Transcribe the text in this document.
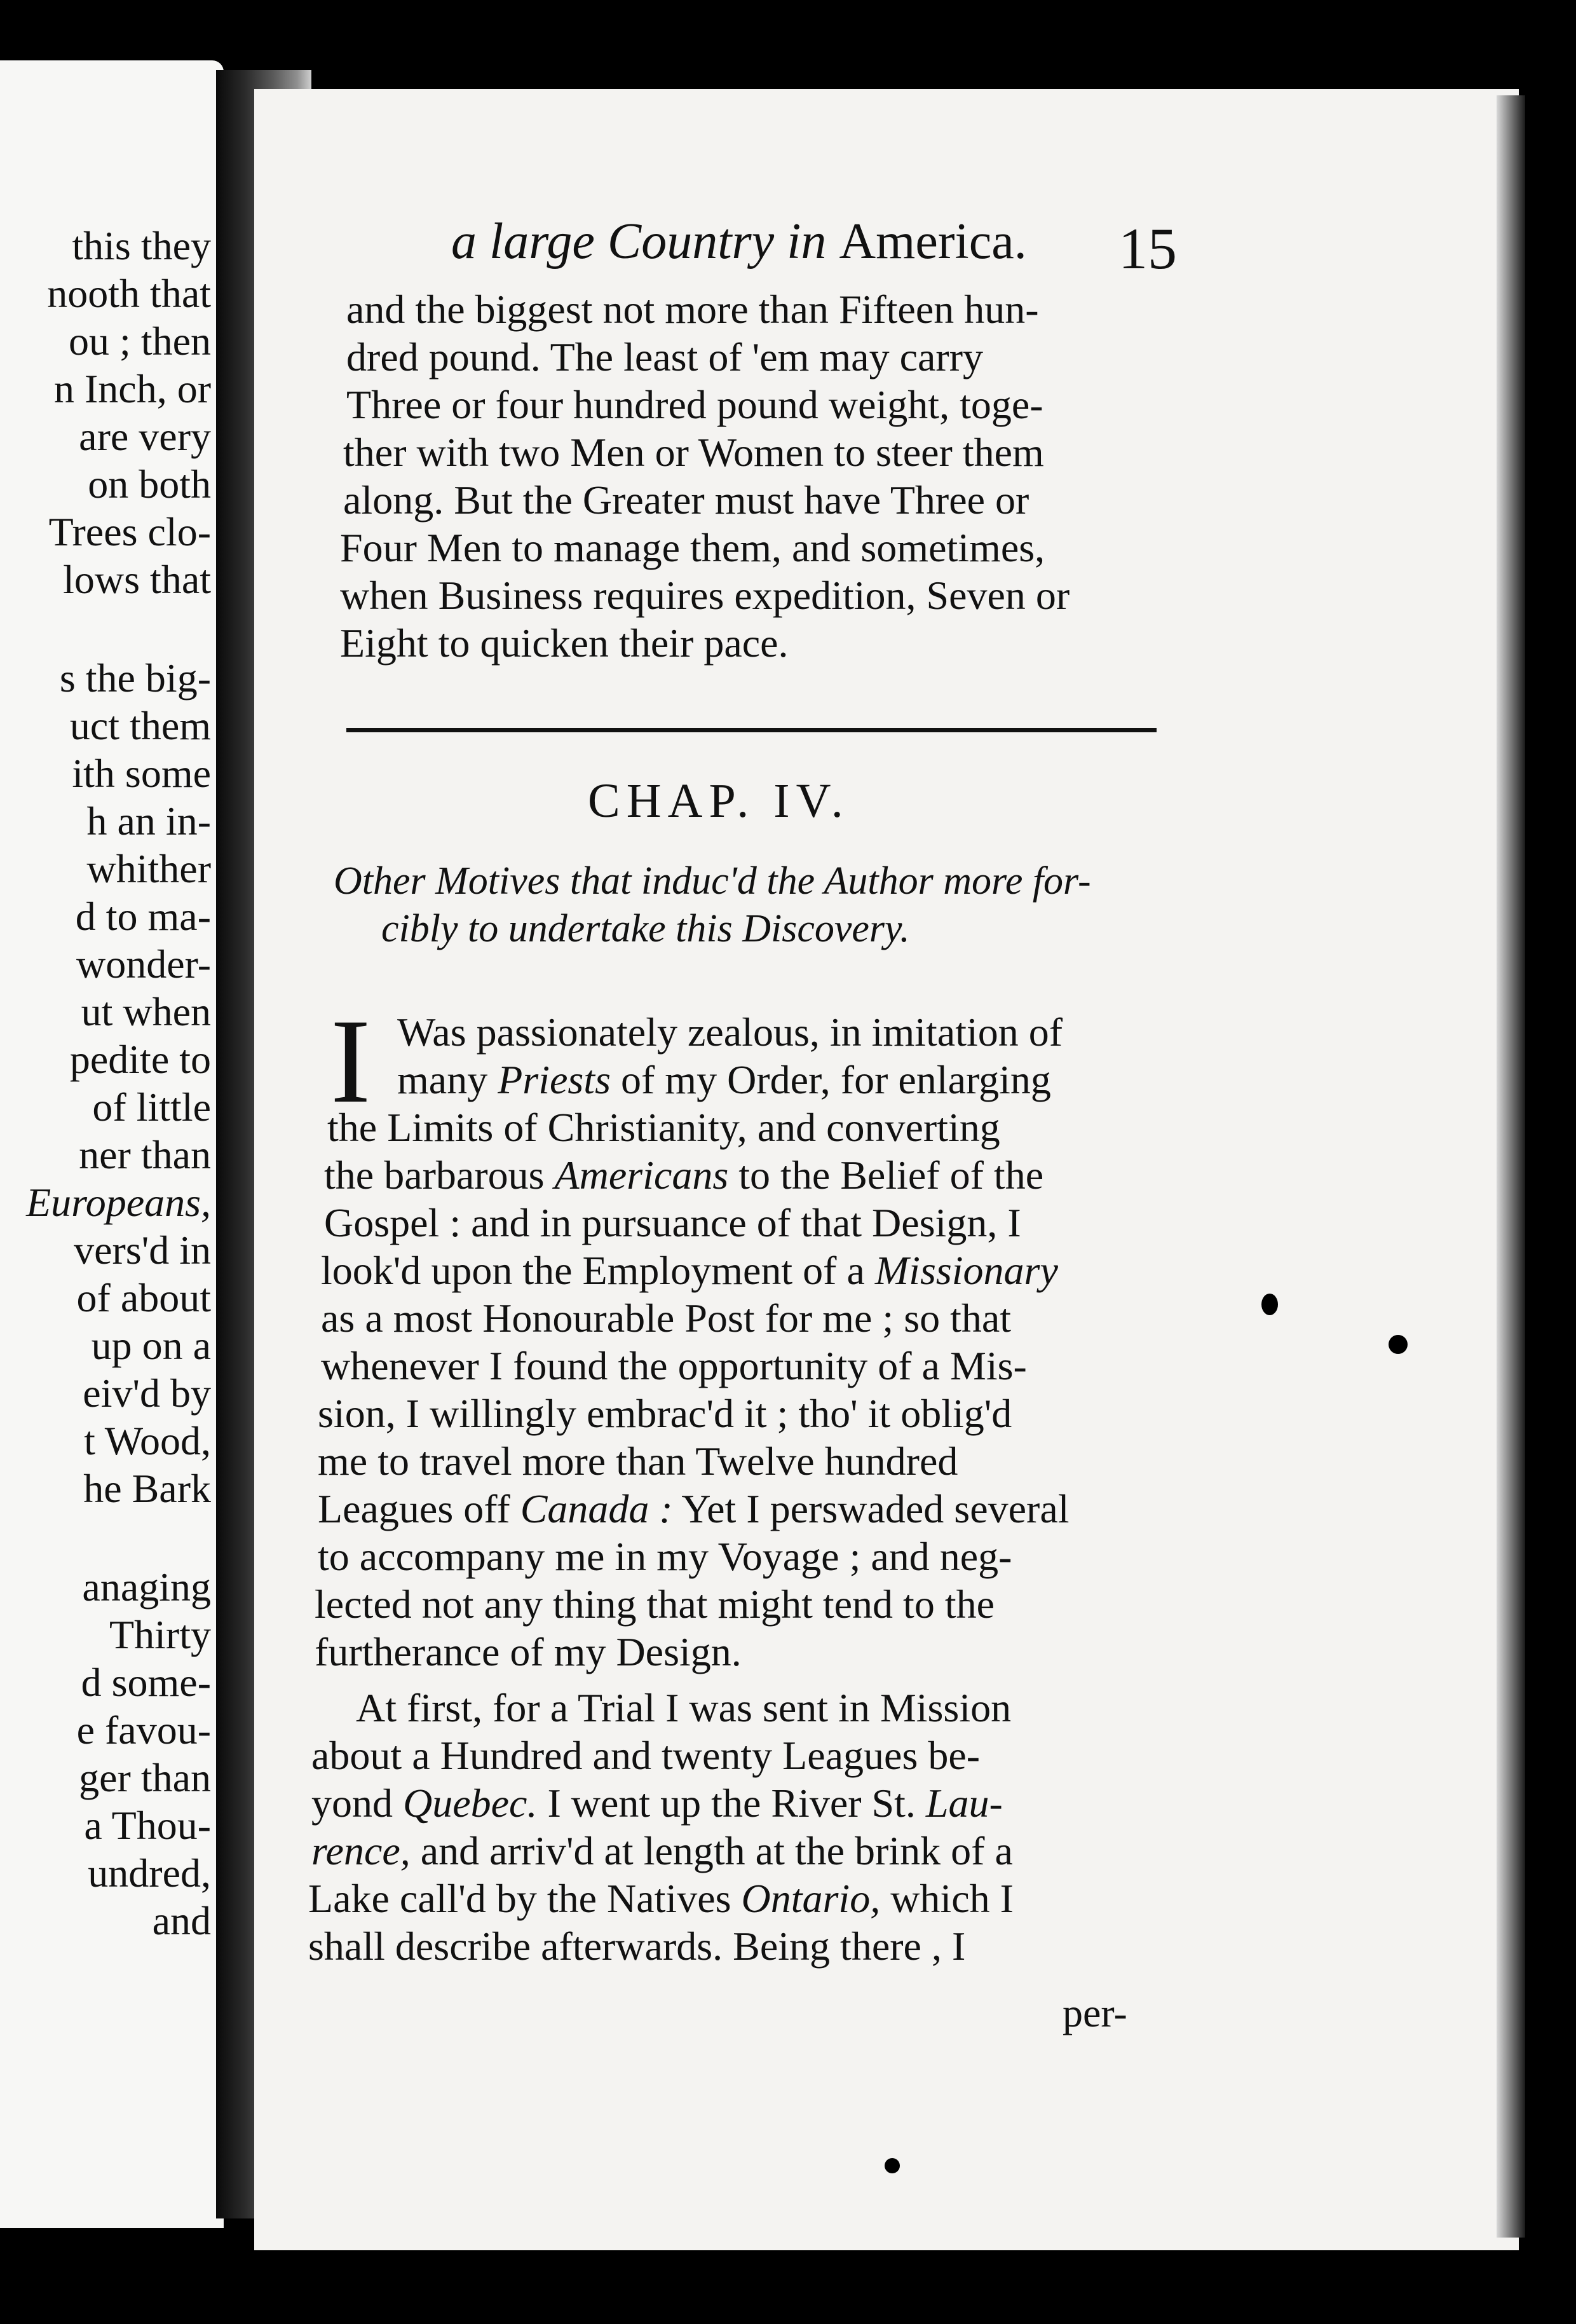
this they
nooth that
ou ; then
n Inch, or
are very
on both
Trees clo-
lows that
s the big-
uct them
ith some
h an in-
whither
d to ma-
wonder-
ut when
pedite to
of little
ner than
Europeans,
vers'd in
of about
up on a
eiv'd by
t Wood,
he Bark
anaging
Thirty
d some-
e favou-
ger than
a Thou-
undred,
and
a large Country in America. 15
and the biggest not more than Fifteen hun-
dred pound. The least of 'em may carry
Three or four hundred pound weight, toge-
ther with two Men or Women to steer them
along. But the Greater must have Three or
Four Men to manage them, and sometimes,
when Business requires expedition, Seven or
Eight to quicken their pace.
CHAP. IV.
Other Motives that induc'd the Author more for-
cibly to undertake this Discovery.
I Was passionately zealous, in imitation of
many Priests of my Order, for enlarging
the Limits of Christianity, and converting
the barbarous Americans to the Belief of the
Gospel : and in pursuance of that Design, I
look'd upon the Employment of a Missionary
as a most Honourable Post for me ; so that
whenever I found the opportunity of a Mis-
sion, I willingly embrac'd it ; tho' it oblig'd
me to travel more than Twelve hundred
Leagues off Canada : Yet I perswaded several
to accompany me in my Voyage ; and neg-
lected not any thing that might tend to the
furtherance of my Design.
At first, for a Trial I was sent in Mission
about a Hundred and twenty Leagues be-
yond Quebec. I went up the River St. Lau-
rence, and arriv'd at length at the brink of a
Lake call'd by the Natives Ontario, which I
shall describe afterwards. Being there , I
per-
